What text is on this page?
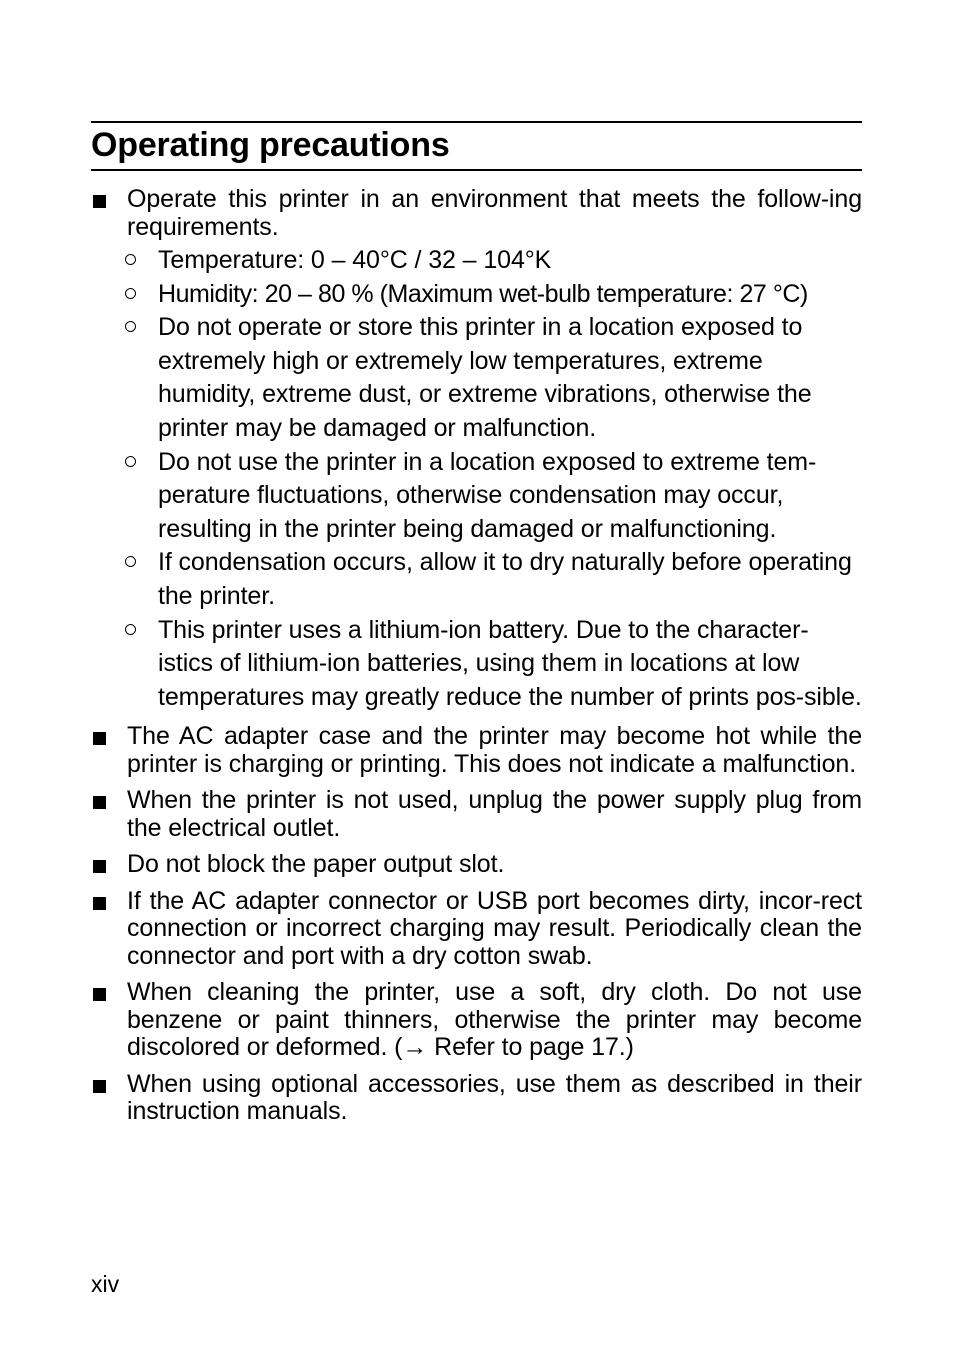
Operating precautions
Operate this printer in an environment that meets the follow-ing requirements.
Temperature: 0 – 40°C / 32 – 104°K
Humidity: 20 – 80 % (Maximum wet-bulb temperature: 27 °C)
Do not operate or store this printer in a location exposed to extremely high or extremely low temperatures, extreme humidity, extreme dust, or extreme vibrations, otherwise the printer may be damaged or malfunction.
Do not use the printer in a location exposed to extreme tem-perature fluctuations, otherwise condensation may occur, resulting in the printer being damaged or malfunctioning.
If condensation occurs, allow it to dry naturally before operating the printer.
This printer uses a lithium-ion battery. Due to the character-istics of lithium-ion batteries, using them in locations at low temperatures may greatly reduce the number of prints pos-sible.
The AC adapter case and the printer may become hot while the printer is charging or printing. This does not indicate a malfunction.
When the printer is not used, unplug the power supply plug from the electrical outlet.
Do not block the paper output slot.
If the AC adapter connector or USB port becomes dirty, incor-rect connection or incorrect charging may result. Periodically clean the connector and port with a dry cotton swab.
When cleaning the printer, use a soft, dry cloth. Do not use benzene or paint thinners, otherwise the printer may become discolored or deformed. (→ Refer to page 17.)
When using optional accessories, use them as described in their instruction manuals.
xiv
